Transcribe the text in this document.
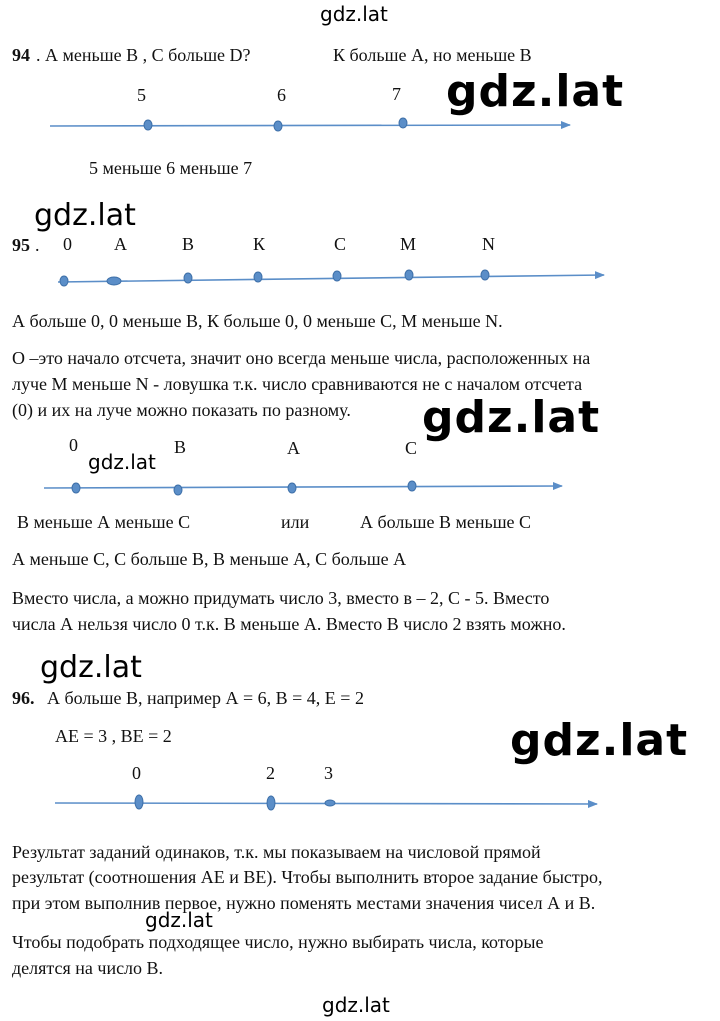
gdz.lat
gdz.lat
gdz.lat
gdz.lat
gdz.lat
gdz.lat
gdz.lat
gdz.lat
gdz.lat
94 . А меньше В , С больше D?	К больше А, но меньше В
5	6	7
5 меньше 6 меньше 7
95 . 0 A	B	К	C	M	N
А больше 0, 0 меньше В, К больше 0, 0 меньше С, М меньше N.
О –это начало отсчета, значит оно всегда меньше числа, расположенных на
луче М меньше N - ловушка т.к. число сравниваются не с началом отсчета
(0) и их на луче можно показать по разному.
0	В	А	С
В меньше А меньше С	или	А больше В меньше С
А меньше С, С больше В, В меньше А, С больше А
Вместо числа, а можно придумать число 3, вместо в – 2, С - 5. Вместо
числа А нельзя число 0 т.к. В меньше А. Вместо В число 2 взять можно.
96. А больше В, например А = 6, В = 4, Е = 2
АЕ = 3 , ВЕ = 2
0	2	3
Результат заданий одинаков, т.к. мы показываем на числовой прямой
результат (соотношения АЕ и ВЕ). Чтобы выполнить второе задание быстро,
при этом выполнив первое, нужно поменять местами значения чисел А и В.
Чтобы подобрать подходящее число, нужно выбирать числа, которые
делятся на число В.
